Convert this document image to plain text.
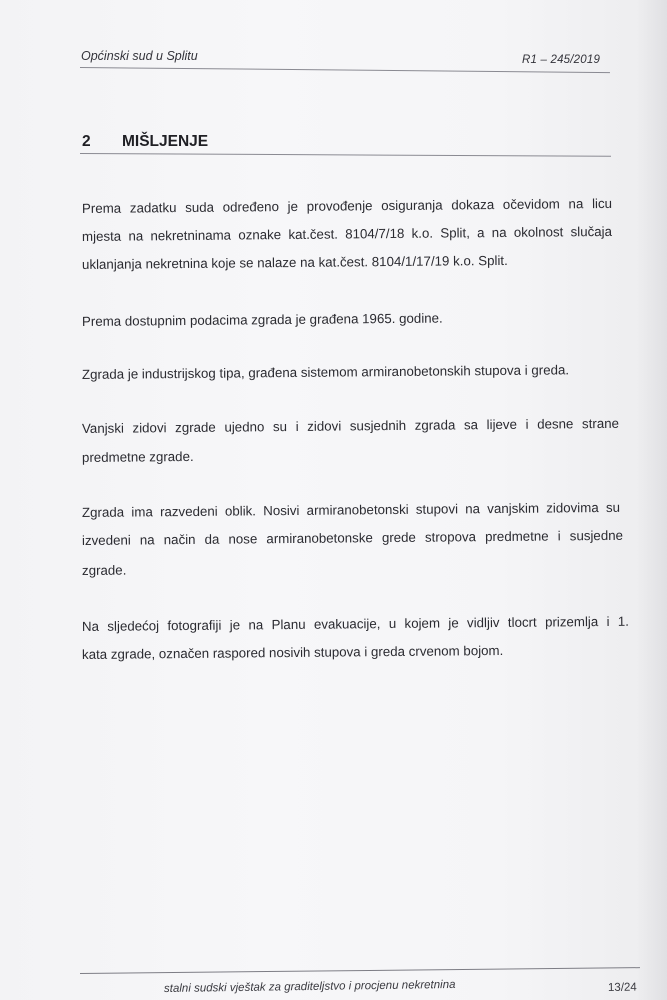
Općinski sud u Splitu	R1 – 245/2019
2 MIŠLJENJE
Prema zadatku suda određeno je provođenje osiguranja dokaza očevidom na licu
mjesta na nekretninama oznake kat.čest. 8104/7/18 k.o. Split, a na okolnost slučaja
uklanjanja nekretnina koje se nalaze na kat.čest. 8104/1/17/19 k.o. Split.
Prema dostupnim podacima zgrada je građena 1965. godine.
Zgrada je industrijskog tipa, građena sistemom armiranobetonskih stupova i greda.
Vanjski zidovi zgrade ujedno su i zidovi susjednih zgrada sa lijeve i desne strane
predmetne zgrade.
Zgrada ima razvedeni oblik. Nosivi armiranobetonski stupovi na vanjskim zidovima su
izvedeni na način da nose armiranobetonske grede stropova predmetne i susjedne
zgrade.
Na sljedećoj fotografiji je na Planu evakuacije, u kojem je vidljiv tlocrt prizemlja i 1.
kata zgrade, označen raspored nosivih stupova i greda crvenom bojom.
stalni sudski vještak za graditeljstvo i procjenu nekretnina	13/24
